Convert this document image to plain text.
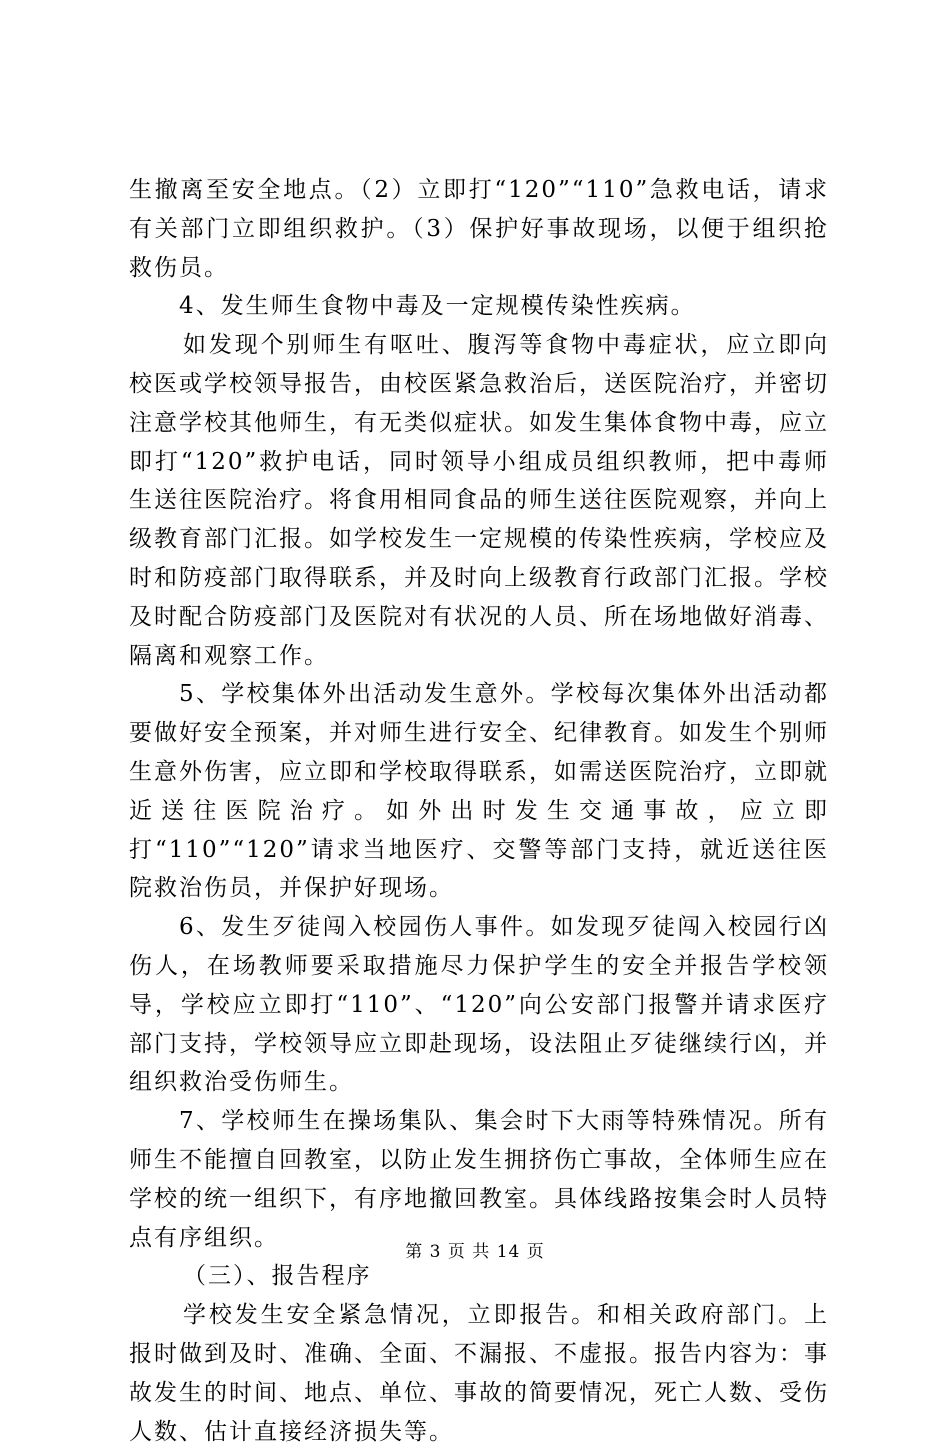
生撤离至安全地点。（2）立即打“120”“110”急救电话，请求有关部门立即组织救护。（3）保护好事故现场，以便于组织抢救伤员。

4、发生师生食物中毒及一定规模传染性疾病。

如发现个别师生有呕吐、腹泻等食物中毒症状，应立即向校医或学校领导报告，由校医紧急救治后，送医院治疗，并密切注意学校其他师生，有无类似症状。如发生集体食物中毒，应立即打“120”救护电话，同时领导小组成员组织教师，把中毒师生送往医院治疗。将食用相同食品的师生送往医院观察，并向上级教育部门汇报。如学校发生一定规模的传染性疾病，学校应及时和防疫部门取得联系，并及时向上级教育行政部门汇报。学校及时配合防疫部门及医院对有状况的人员、所在场地做好消毒、隔离和观察工作。

5、学校集体外出活动发生意外。学校每次集体外出活动都要做好安全预案，并对师生进行安全、纪律教育。如发生个别师生意外伤害，应立即和学校取得联系，如需送医院治疗，立即就近送往医院治疗。如外出时发生交通事故，应立即打“110”“120”请求当地医疗、交警等部门支持，就近送往医院救治伤员，并保护好现场。

6、发生歹徒闯入校园伤人事件。如发现歹徒闯入校园行凶伤人，在场教师要采取措施尽力保护学生的安全并报告学校领导，学校应立即打“110”、“120”向公安部门报警并请求医疗部门支持，学校领导应立即赴现场，设法阻止歹徒继续行凶，并组织救治受伤师生。

7、学校师生在操场集队、集会时下大雨等特殊情况。所有师生不能擅自回教室，以防止发生拥挤伤亡事故，全体师生应在学校的统一组织下，有序地撤回教室。具体线路按集会时人员特点有序组织。

（三）、报告程序

学校发生安全紧急情况，立即报告。和相关政府部门。上报时做到及时、准确、全面、不漏报、不虚报。报告内容为：事故发生的时间、地点、单位、事故的简要情况，死亡人数、受伤人数、估计直接经济损失等。

第 3 页 共 14 页
